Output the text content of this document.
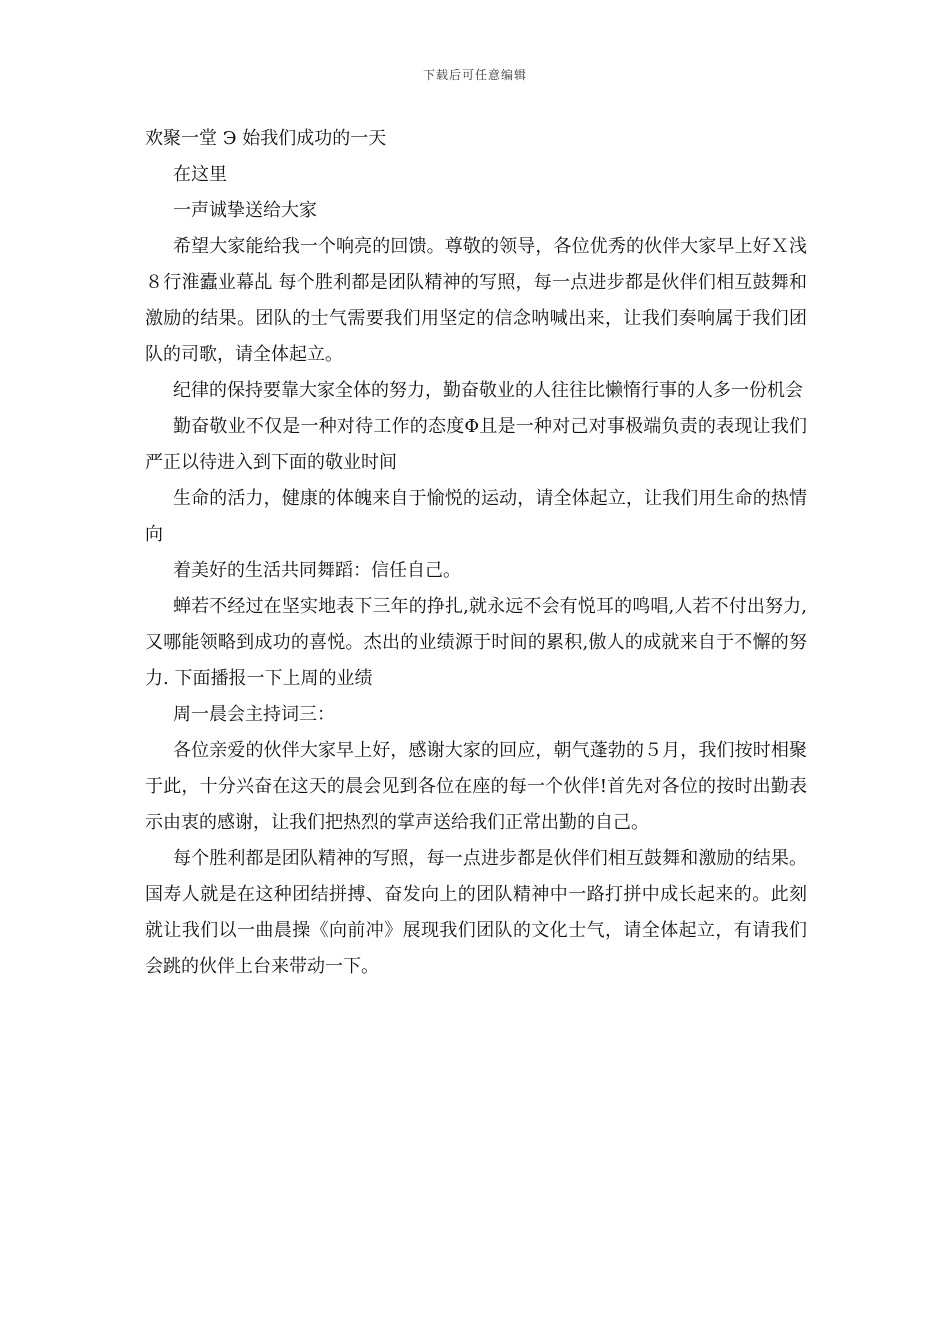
下载后可任意编辑

欢聚一堂 Э 始我们成功的一天

在这里

一声诚挚送给大家

希望大家能给我一个响亮的回馈。尊敬的领导，各位优秀的伙伴大家早上好Ｘ浅８行淮蠹业幕乩 每个胜利都是团队精神的写照，每一点进步都是伙伴们相互鼓舞和激励的结果。团队的士气需要我们用坚定的信念呐喊出来，让我们奏响属于我们团队的司歌，请全体起立。

纪律的保持要靠大家全体的努力，勤奋敬业的人往往比懒惰行事的人多一份机会

勤奋敬业不仅是一种对待工作的态度Φ且是一种对己对事极端负责的表现让我们严正以待进入到下面的敬业时间

生命的活力，健康的体魄来自于愉悦的运动，请全体起立，让我们用生命的热情向

着美好的生活共同舞蹈：信任自己。

蝉若不经过在坚实地表下三年的挣扎,就永远不会有悦耳的鸣唱,人若不付出努力,又哪能领略到成功的喜悦。杰出的业绩源于时间的累积,傲人的成就来自于不懈的努力. 下面播报一下上周的业绩

周一晨会主持词三：

各位亲爱的伙伴大家早上好，感谢大家的回应，朝气蓬勃的５月，我们按时相聚于此，十分兴奋在这天的晨会见到各位在座的每一个伙伴!首先对各位的按时出勤表示由衷的感谢，让我们把热烈的掌声送给我们正常出勤的自己。

每个胜利都是团队精神的写照，每一点进步都是伙伴们相互鼓舞和激励的结果。国寿人就是在这种团结拼搏、奋发向上的团队精神中一路打拼中成长起来的。此刻就让我们以一曲晨操《向前冲》展现我们团队的文化士气，请全体起立，有请我们会跳的伙伴上台来带动一下。
